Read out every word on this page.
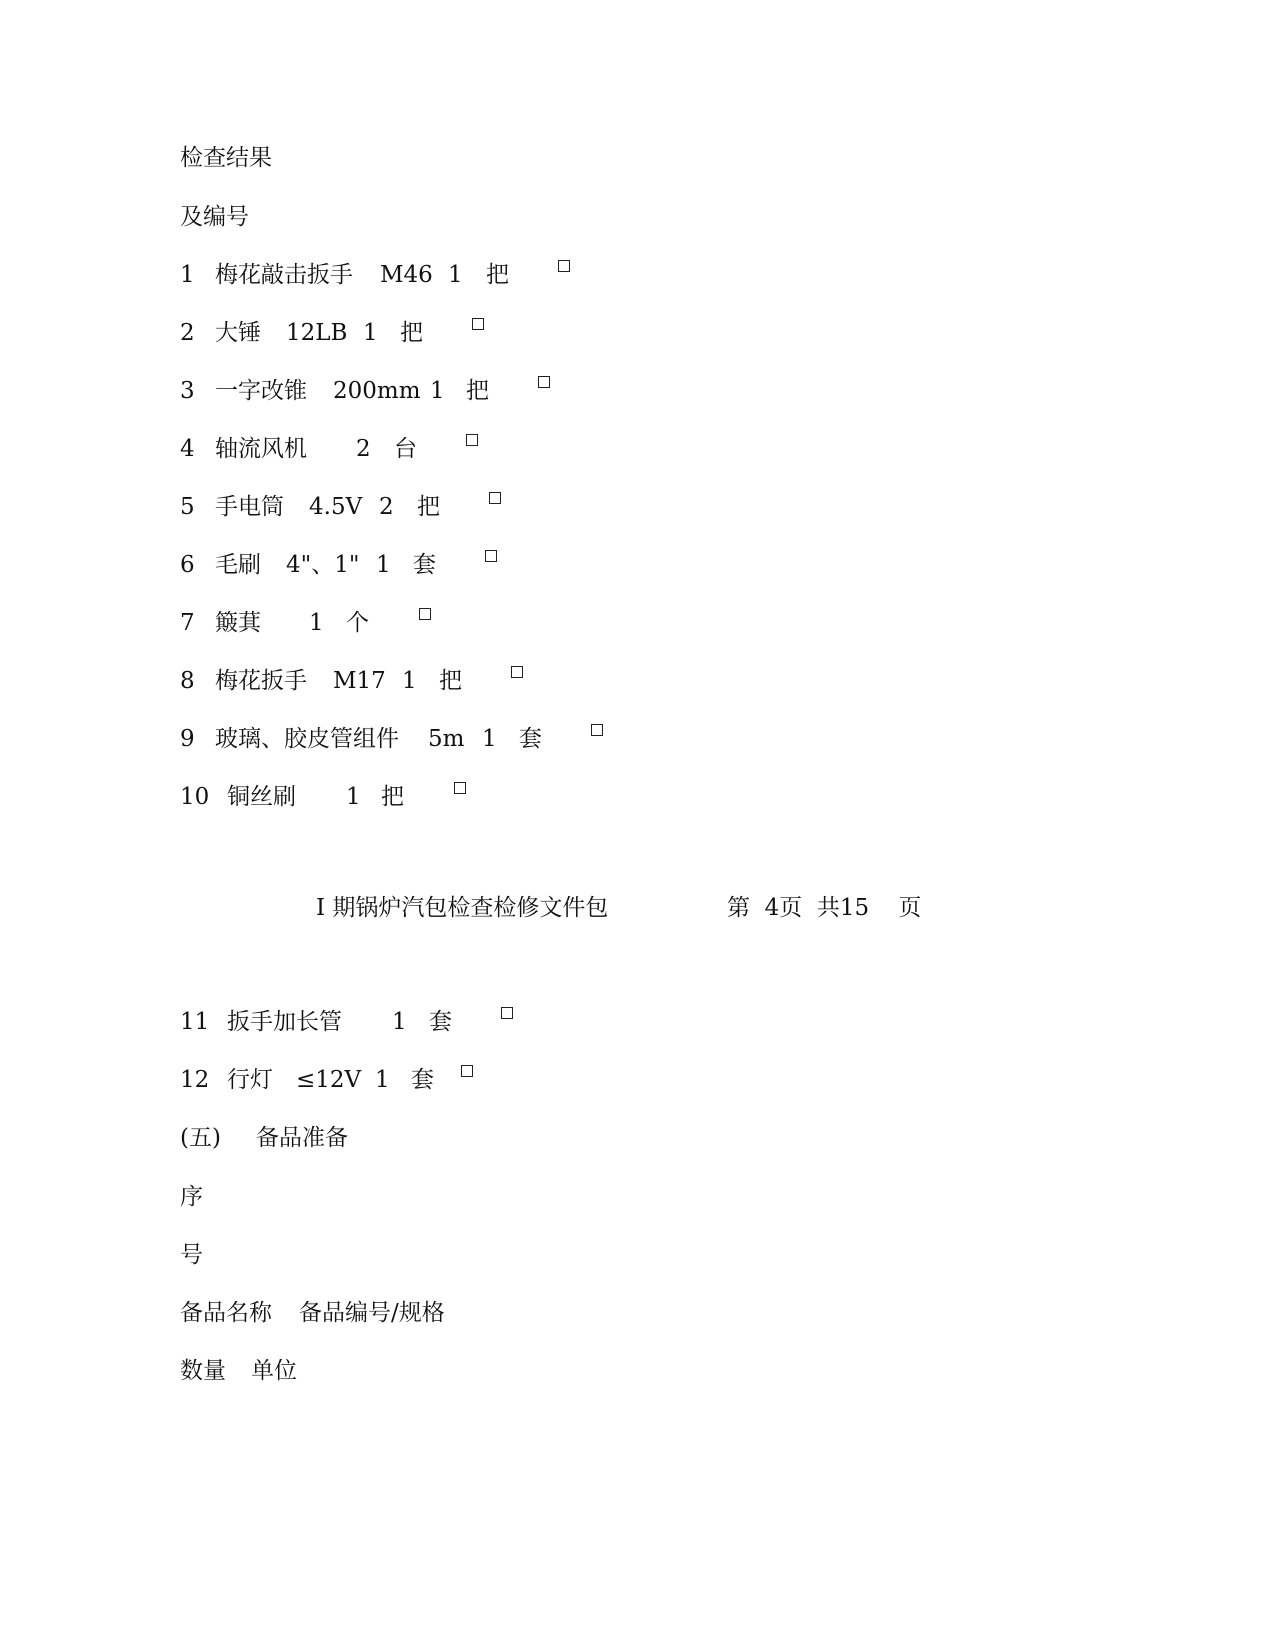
检查结果
及编号
1 梅花敲击扳手 M46 1 把
2 大锤 12LB 1 把
3 一字改锥 200mm 1 把
4 轴流风机 2 台
5 手电筒 4.5V 2 把
6 毛刷 4"、1" 1 套
7 簸萁 1 个
8 梅花扳手 M17 1 把
9 玻璃、胶皮管组件 5m 1 套
10 铜丝刷 1 把
I 期锅炉汽包检查检修文件包	第  4页  共15    页
11 扳手加长管 1 套
12 行灯 ≤12V 1 套
(五) 备品准备
序
号
备品名称 备品编号/规格
数量 单位
